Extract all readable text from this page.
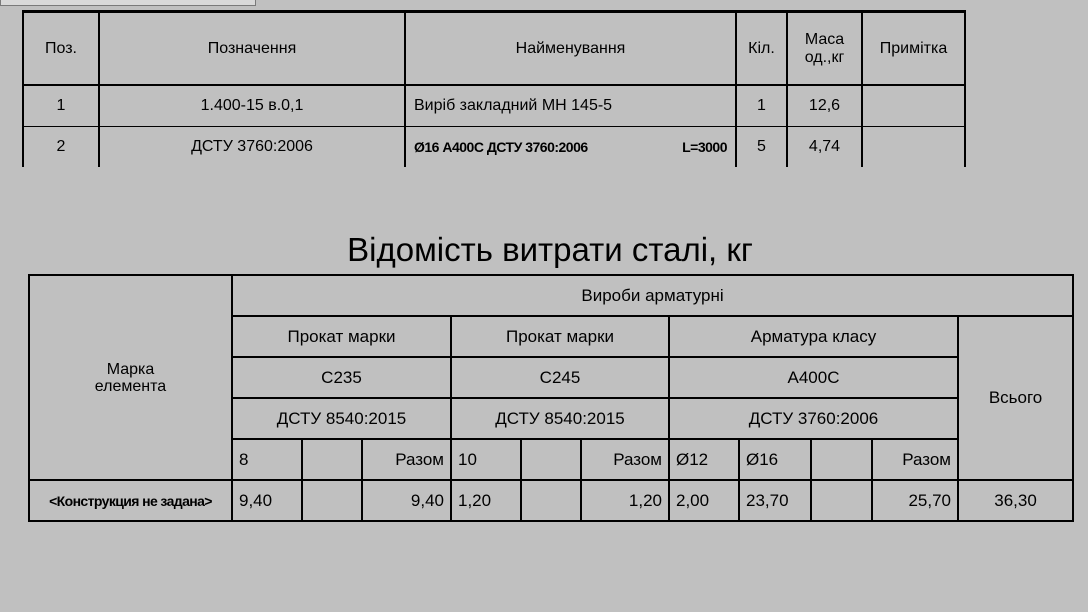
Поз.	Позначення	Найменування	Кіл.	Маса од.,кг	Примітка
1	1.400-15 в.0,1	Виріб закладний МН 145-5	1	12,6	
2	ДСТУ 3760:2006	Ø16 А400С ДСТУ 3760:2006 L=3000	5	4,74	
Відомість витрати сталі, кг
Марка елемента	Вироби арматурні										
	Прокат марки			Прокат марки			Арматура класу				Всього
	С235			С245			А400С				
	ДСТУ 8540:2015			ДСТУ 8540:2015			ДСТУ 3760:2006				
	8		Разом	10		Разом	Ø12	Ø16		Разом	
<Конструкция не задана>	9,40		9,40	1,20		1,20	2,00	23,70		25,70	36,30
